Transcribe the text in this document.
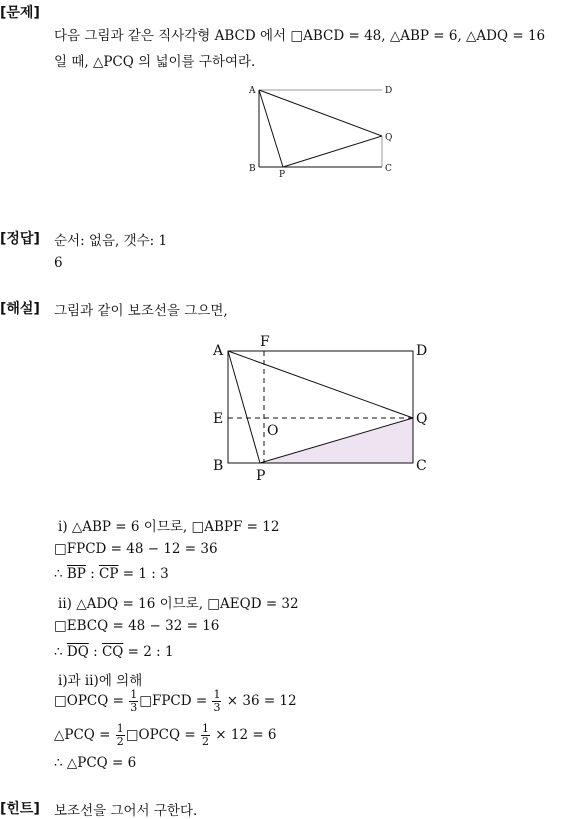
[문제]
다음 그림과 같은 직사각형 ABCD 에서 □ABCD = 48, △ABP = 6, △ADQ = 16
일 때, △PCQ 의 넓이를 구하여라.
A	D
Q
B
P
C
[정답] 순서: 없음, 갯수: 1
6
[해설] 그림과 같이 보조선을 그으면,
A
F
D
E
O
Q
B
P
C
ⅰ) △ABP = 6 이므로, □ABPF = 12
□FPCD = 48 − 12 = 36
∴ $\overline{BP}$ : $\overline{CP} = 1$ : 3
ⅱ) △ADQ = 16 이므로, □AEQD = 32
□EBCQ = 48 − 32 = 16
∴ $\overline{DQ}$ : $\overline{CQ} = 2$ : 1
ⅰ)과 ⅱ)에 의해
□OPCQ = $\frac{1}{3}$ □FPCD = $\frac{1}{3} \times 36 = 12$
△PCQ = $\frac{1}{2}$ □OPCQ = $\frac{1}{2} \times 12 = 6$
∴ △PCQ = 6
[힌트] 보조선을 그어서 구한다.
